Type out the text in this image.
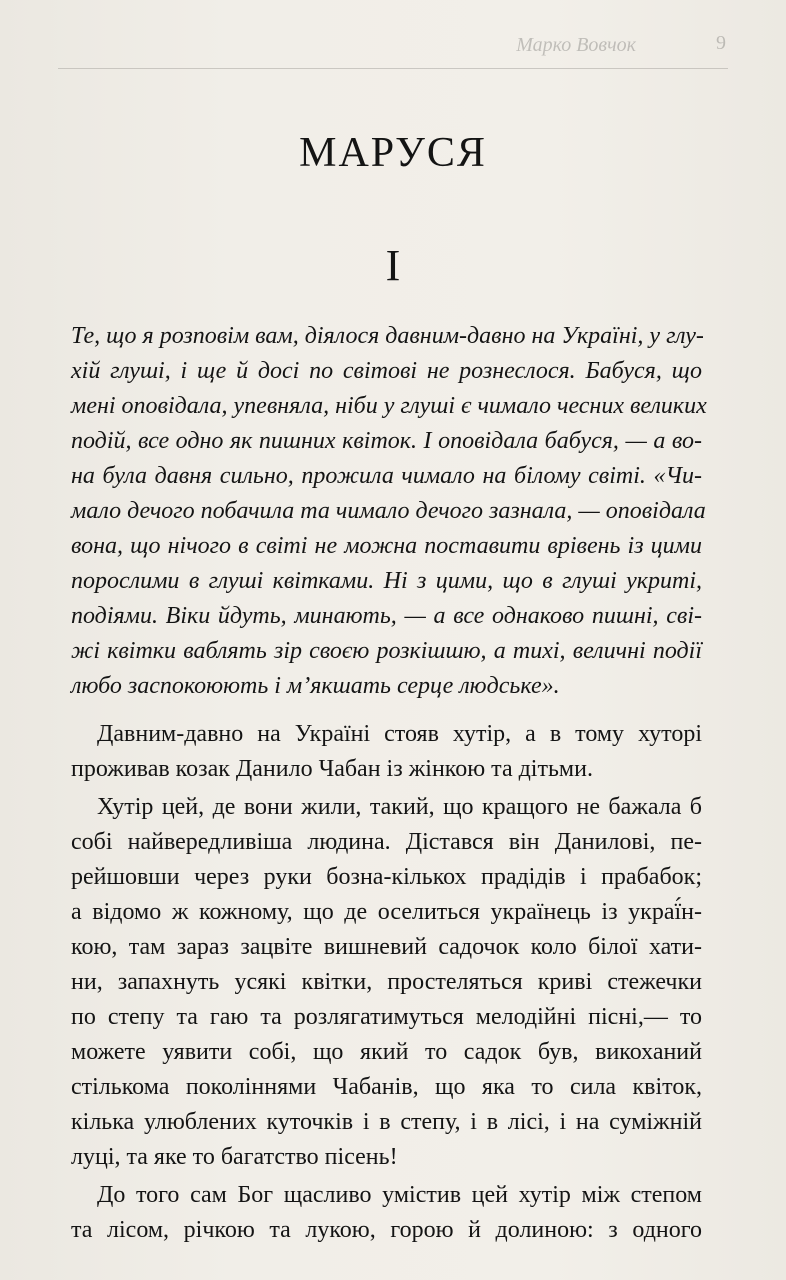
Марко Вовчок	9
МАРУСЯ
I
Те, що я розповім вам, діялося давним-давно на Україні, у глу-
хій глуші, і ще й досі по світові не рознеслося. Бабуся, що
мені оповідала, упевняла, ніби у глуші є чимало чесних великих
подій, все одно як пишних квіток. І оповідала бабуся, — а во-
на була давня сильно, прожила чимало на білому світі. «Чи-
мало дечого побачила та чимало дечого зазнала, — оповідала
вона, що нічого в світі не можна поставити врівень із цими
порослими в глуші квітками. Ні з цими, що в глуші укриті,
подіями. Віки йдуть, минають, — а все однаково пишні, сві-
жі квітки ваблять зір своєю розкішшю, а тихі, величні події
любо заспокоюють і м’якшать серце людське».

Давним-давно на Україні стояв хутір, а в тому хуторі
проживав козак Данило Чабан із жінкою та дітьми.

Хутір цей, де вони жили, такий, що кращого не бажала б
собі найвередливіша людина. Дістався він Данилові, пе-
рейшовши через руки бозна-кількох прадідів і прабабок;
а відомо ж кожному, що де оселиться українець із украї́н-
кою, там зараз зацвіте вишневий садочок коло білої хати-
ни, запахнуть усякі квітки, простеляться криві стежечки
по степу та гаю та розлягатимуться мелодійні пісні,— то
можете уявити собі, що який то садок був, викоханий
стількома поколіннями Чабанів, що яка то сила квіток,
кілька улюблених куточків і в степу, і в лісі, і на суміжній
луці, та яке то багатство пісень!

До того сам Бог щасливо умістив цей хутір між степом
та лісом, річкою та лукою, горою й долиною: з одного
